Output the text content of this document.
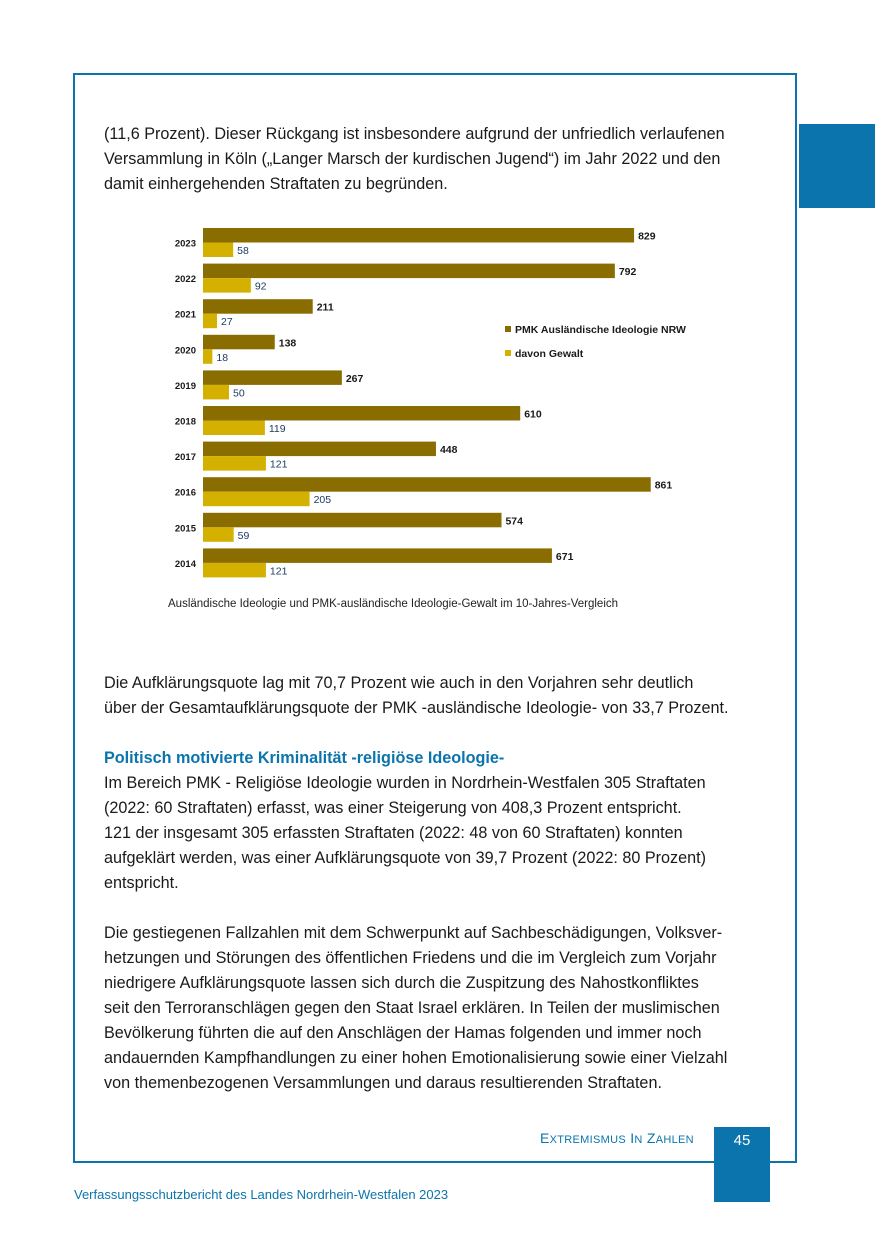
(11,6 Prozent). Dieser Rückgang ist insbesondere aufgrund der unfriedlich verlaufenen
Versammlung in Köln („Langer Marsch der kurdischen Jugend“) im Jahr 2022 und den
damit einhergehenden Straftaten zu begründen.

2023
829
58
2022
792
92
2021
211
27
2020
138
18
2019
267
50
2018
610
119
2017
448
121
2016
861
205
2015
574
59
2014
671
121
PMK Ausländische Ideologie NRW
davon Gewalt
Ausländische Ideologie und PMK-ausländische Ideologie-Gewalt im 10-Jahres-Vergleich

Die Aufklärungsquote lag mit 70,7 Prozent wie auch in den Vorjahren sehr deutlich
über der Gesamtaufklärungsquote der PMK -ausländische Ideologie- von 33,7 Prozent.

Politisch motivierte Kriminalität -religiöse Ideologie-

Im Bereich PMK - Religiöse Ideologie wurden in Nordrhein-Westfalen 305 Straftaten
(2022: 60 Straftaten) erfasst, was einer Steigerung von 408,3 Prozent entspricht.
121 der insgesamt 305 erfassten Straftaten (2022: 48 von 60 Straftaten) konnten
aufgeklärt werden, was einer Aufklärungsquote von 39,7 Prozent (2022: 80 Prozent)
entspricht.

Die gestiegenen Fallzahlen mit dem Schwerpunkt auf Sachbeschädigungen, Volksver-
hetzungen und Störungen des öffentlichen Friedens und die im Vergleich zum Vorjahr
niedrigere Aufklärungsquote lassen sich durch die Zuspitzung des Nahostkonfliktes
seit den Terroranschlägen gegen den Staat Israel erklären. In Teilen der muslimischen
Bevölkerung führten die auf den Anschlägen der Hamas folgenden und immer noch
andauernden Kampfhandlungen zu einer hohen Emotionalisierung sowie einer Vielzahl
von themenbezogenen Versammlungen und daraus resultierenden Straftaten.

EXTREMISMUS IN ZAHLEN	45
Verfassungsschutzbericht des Landes Nordrhein-Westfalen 2023
